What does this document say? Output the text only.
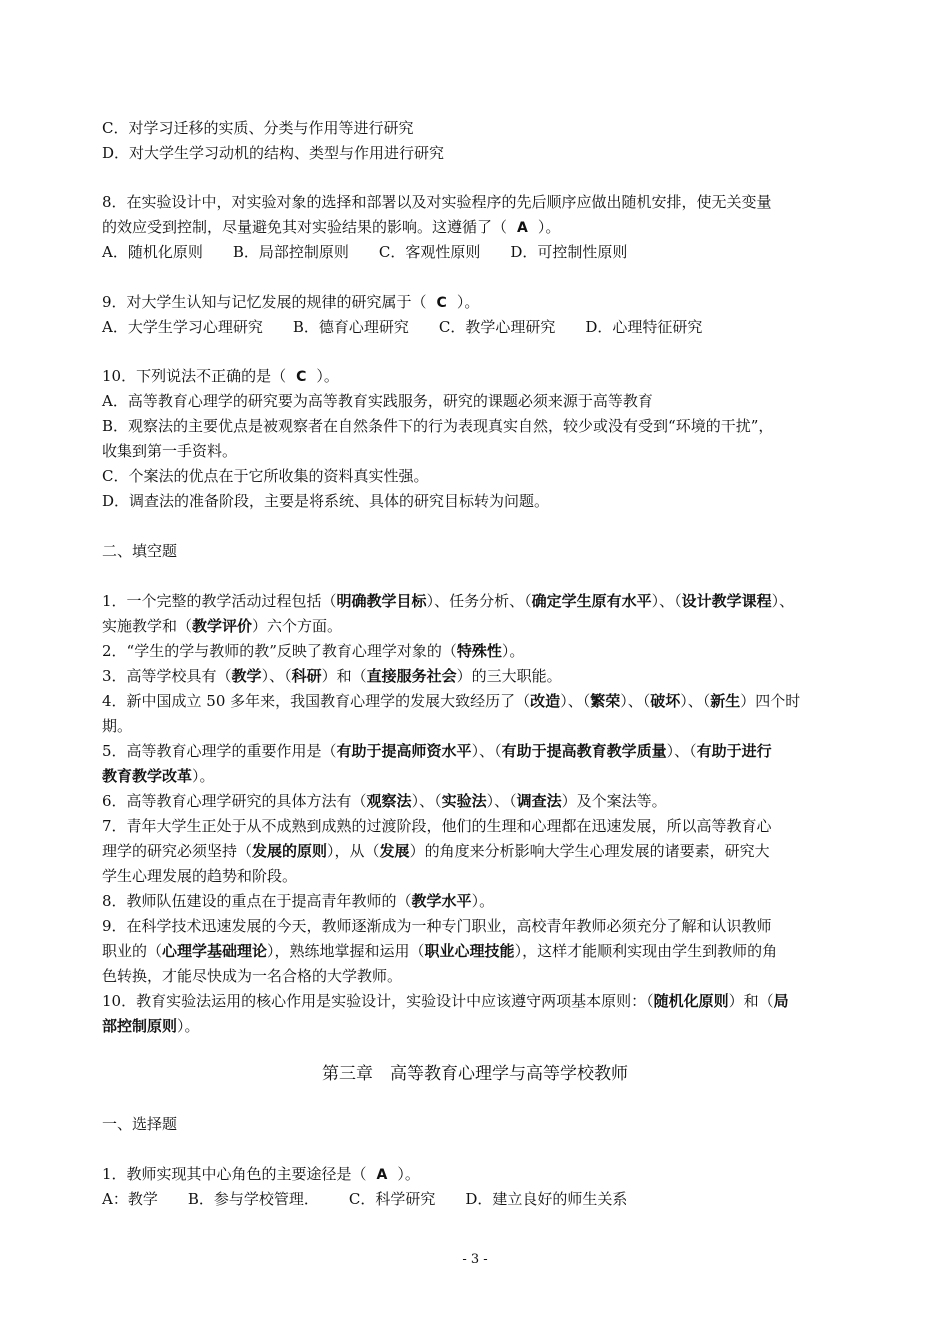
C．对学习迁移的实质、分类与作用等进行研究
D．对大学生学习动机的结构、类型与作用进行研究
8．在实验设计中，对实验对象的选择和部署以及对实验程序的先后顺序应做出随机安排，使无关变量
的效应受到控制，尽量避免其对实验结果的影响。这遵循了（ A ）。
A．随机化原则 B．局部控制原则 C．客观性原则 D．可控制性原则
9．对大学生认知与记忆发展的规律的研究属于（ C ）。
A．大学生学习心理研究 B．德育心理研究 C．教学心理研究 D．心理特征研究
10．下列说法不正确的是（ C ）。
A．高等教育心理学的研究要为高等教育实践服务，研究的课题必须来源于高等教育
B．观察法的主要优点是被观察者在自然条件下的行为表现真实自然，较少或没有受到“环境的干扰”，
收集到第一手资料。
C．个案法的优点在于它所收集的资料真实性强。
D．调查法的准备阶段，主要是将系统、具体的研究目标转为问题。
二、填空题
1．一个完整的教学活动过程包括（明确教学目标）、任务分析、（确定学生原有水平）、（设计教学课程）、
实施教学和（教学评价）六个方面。
2．“学生的学与教师的教”反映了教育心理学对象的（特殊性）。
3．高等学校具有（教学）、（科研）和（直接服务社会）的三大职能。
4．新中国成立 50 多年来，我国教育心理学的发展大致经历了（改造）、（繁荣）、（破坏）、（新生）四个时
期。
5．高等教育心理学的重要作用是（有助于提高师资水平）、（有助于提高教育教学质量）、（有助于进行
教育教学改革）。
6．高等教育心理学研究的具体方法有（观察法）、（实验法）、（调查法）及个案法等。
7．青年大学生正处于从不成熟到成熟的过渡阶段，他们的生理和心理都在迅速发展，所以高等教育心
理学的研究必须坚持（发展的原则），从（发展）的角度来分析影响大学生心理发展的诸要素，研究大
学生心理发展的趋势和阶段。
8．教师队伍建设的重点在于提高青年教师的（教学水平）。
9．在科学技术迅速发展的今天，教师逐渐成为一种专门职业，高校青年教师必须充分了解和认识教师
职业的（心理学基础理论），熟练地掌握和运用（职业心理技能），这样才能顺利实现由学生到教师的角
色转换，才能尽快成为一名合格的大学教师。
10．教育实验法运用的核心作用是实验设计，实验设计中应该遵守两项基本原则：（随机化原则）和（局
部控制原则）。
第三章　高等教育心理学与高等学校教师
一、选择题
1．教师实现其中心角色的主要途径是（ A ）。
A：教学 B．参与学校管理． C．科学研究 D．建立良好的师生关系
- 3 -
